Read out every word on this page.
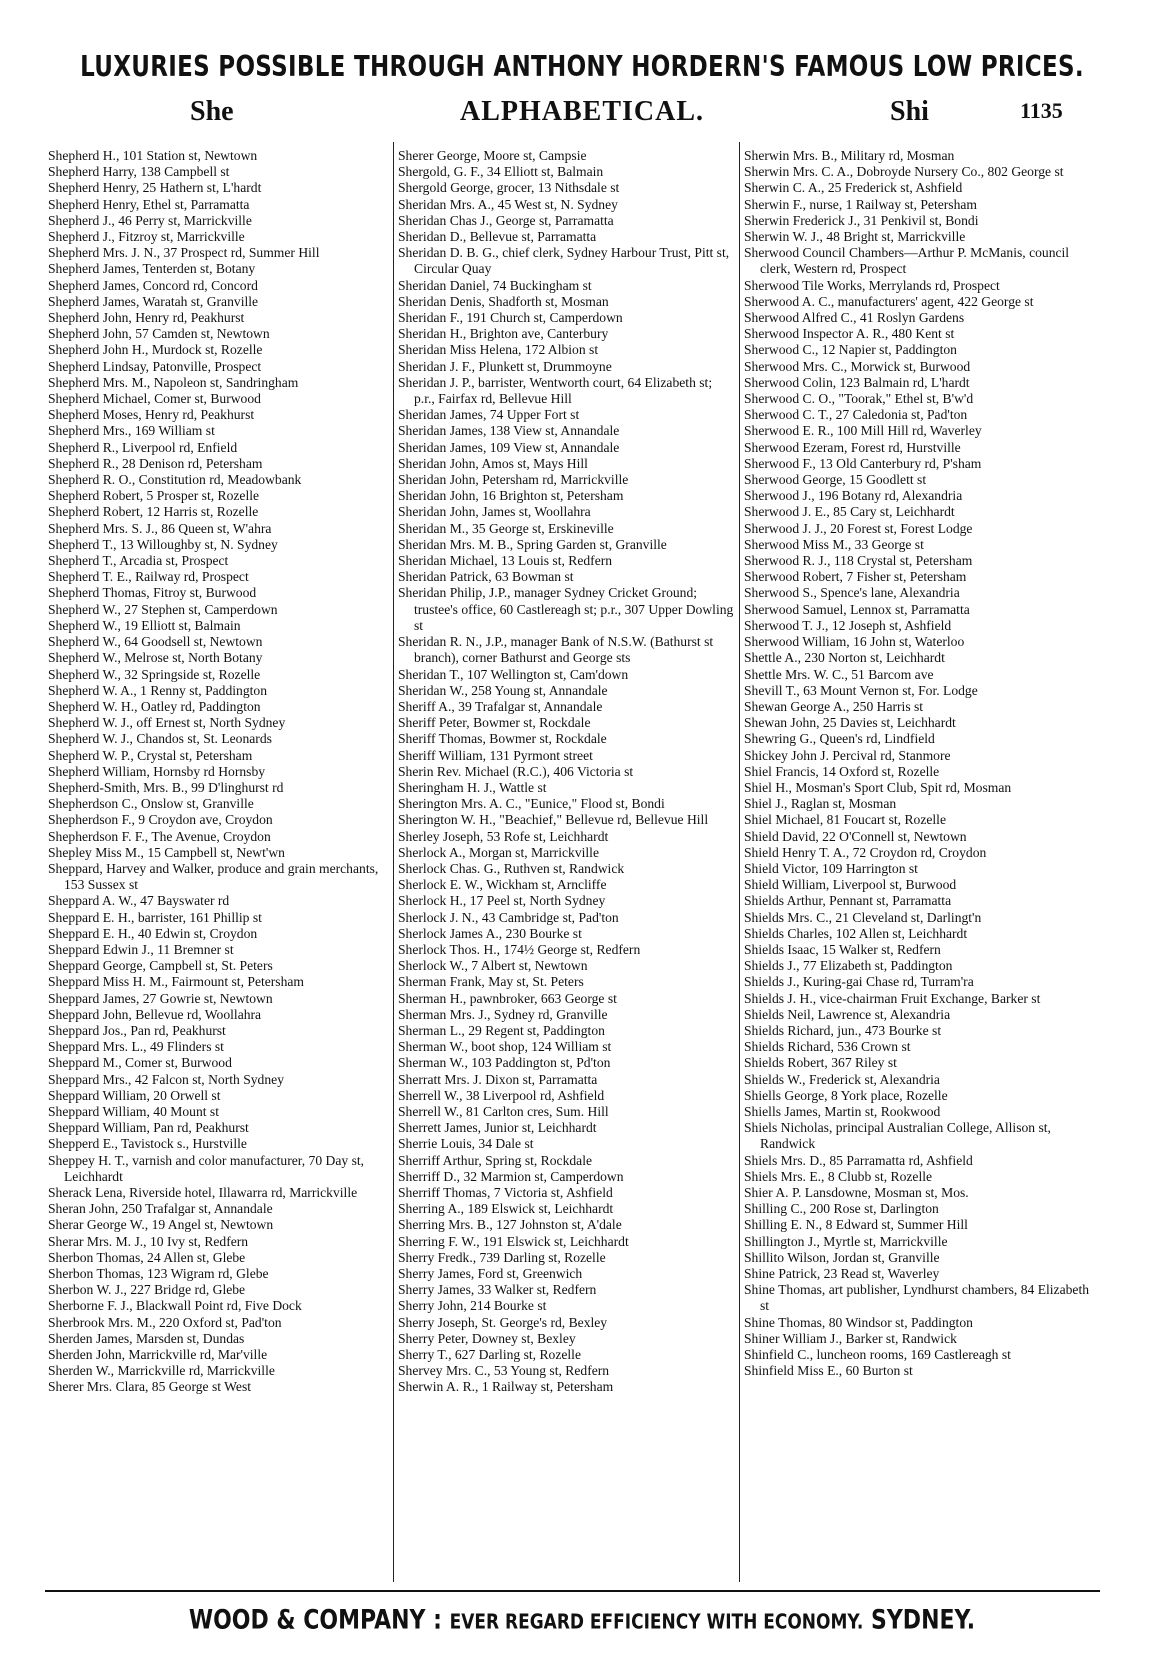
LUXURIES POSSIBLE THROUGH ANTHONY HORDERN'S FAMOUS LOW PRICES.
She	ALPHABETICAL.	Shi	1135
Shepherd H., 101 Station st, Newtown
Shepherd Harry, 138 Campbell st
Shepherd Henry, 25 Hathern st, L'hardt
Shepherd Henry, Ethel st, Parramatta
Shepherd J., 46 Perry st, Marrickville
Shepherd J., Fitzroy st, Marrickville
Shepherd Mrs. J. N., 37 Prospect rd, Summer Hill
Shepherd James, Tenterden st, Botany
Shepherd James, Concord rd, Concord
Shepherd James, Waratah st, Granville
Shepherd John, Henry rd, Peakhurst
Shepherd John, 57 Camden st, Newtown
Shepherd John H., Murdock st, Rozelle
Shepherd Lindsay, Patonville, Prospect
Shepherd Mrs. M., Napoleon st, Sandringham
Shepherd Michael, Comer st, Burwood
Shepherd Moses, Henry rd, Peakhurst
Shepherd Mrs., 169 William st
Shepherd R., Liverpool rd, Enfield
Shepherd R., 28 Denison rd, Petersham
Shepherd R. O., Constitution rd, Meadowbank
Shepherd Robert, 5 Prosper st, Rozelle
Shepherd Robert, 12 Harris st, Rozelle
Shepherd Mrs. S. J., 86 Queen st, W'ahra
Shepherd T., 13 Willoughby st, N. Sydney
Shepherd T., Arcadia st, Prospect
Shepherd T. E., Railway rd, Prospect
Shepherd Thomas, Fitroy st, Burwood
Shepherd W., 27 Stephen st, Camperdown
Shepherd W., 19 Elliott st, Balmain
Shepherd W., 64 Goodsell st, Newtown
Shepherd W., Melrose st, North Botany
Shepherd W., 32 Springside st, Rozelle
Shepherd W. A., 1 Renny st, Paddington
Shepherd W. H., Oatley rd, Paddington
Shepherd W. J., off Ernest st, North Sydney
Shepherd W. J., Chandos st, St. Leonards
Shepherd W. P., Crystal st, Petersham
Shepherd William, Hornsby rd Hornsby
Shepherd-Smith, Mrs. B., 99 D'linghurst rd
Shepherdson C., Onslow st, Granville
Shepherdson F., 9 Croydon ave, Croydon
Shepherdson F. F., The Avenue, Croydon
Shepley Miss M., 15 Campbell st, Newt'wn
Sheppard, Harvey and Walker, produce and grain merchants, 153 Sussex st
Sheppard A. W., 47 Bayswater rd
Sheppard E. H., barrister, 161 Phillip st
Sheppard E. H., 40 Edwin st, Croydon
Sheppard Edwin J., 11 Bremner st
Sheppard George, Campbell st, St. Peters
Sheppard Miss H. M., Fairmount st, Petersham
Sheppard James, 27 Gowrie st, Newtown
Sheppard John, Bellevue rd, Woollahra
Sheppard Jos., Pan rd, Peakhurst
Sheppard Mrs. L., 49 Flinders st
Sheppard M., Comer st, Burwood
Sheppard Mrs., 42 Falcon st, North Sydney
Sheppard William, 20 Orwell st
Sheppard William, 40 Mount st
Sheppard William, Pan rd, Peakhurst
Shepperd E., Tavistock s., Hurstville
Sheppey H. T., varnish and color manufacturer, 70 Day st, Leichhardt
Sherack Lena, Riverside hotel, Illawarra rd, Marrickville
Sheran John, 250 Trafalgar st, Annandale
Sherar George W., 19 Angel st, Newtown
Sherar Mrs. M. J., 10 Ivy st, Redfern
Sherbon Thomas, 24 Allen st, Glebe
Sherbon Thomas, 123 Wigram rd, Glebe
Sherbon W. J., 227 Bridge rd, Glebe
Sherborne F. J., Blackwall Point rd, Five Dock
Sherbrook Mrs. M., 220 Oxford st, Pad'ton
Sherden James, Marsden st, Dundas
Sherden John, Marrickville rd, Mar'ville
Sherden W., Marrickville rd, Marrickville
Sherer Mrs. Clara, 85 George st West
Sherer George, Moore st, Campsie
Shergold, G. F., 34 Elliott st, Balmain
Shergold George, grocer, 13 Nithsdale st
Sheridan Mrs. A., 45 West st, N. Sydney
Sheridan Chas J., George st, Parramatta
Sheridan D., Bellevue st, Parramatta
Sheridan D. B. G., chief clerk, Sydney Harbour Trust, Pitt st, Circular Quay
Sheridan Daniel, 74 Buckingham st
Sheridan Denis, Shadforth st, Mosman
Sheridan F., 191 Church st, Camperdown
Sheridan H., Brighton ave, Canterbury
Sheridan Miss Helena, 172 Albion st
Sheridan J. F., Plunkett st, Drummoyne
Sheridan J. P., barrister, Wentworth court, 64 Elizabeth st; p.r., Fairfax rd, Bellevue Hill
Sheridan James, 74 Upper Fort st
Sheridan James, 138 View st, Annandale
Sheridan James, 109 View st, Annandale
Sheridan John, Amos st, Mays Hill
Sheridan John, Petersham rd, Marrickville
Sheridan John, 16 Brighton st, Petersham
Sheridan John, James st, Woollahra
Sheridan M., 35 George st, Erskineville
Sheridan Mrs. M. B., Spring Garden st, Granville
Sheridan Michael, 13 Louis st, Redfern
Sheridan Patrick, 63 Bowman st
Sheridan Philip, J.P., manager Sydney Cricket Ground; trustee's office, 60 Castlereagh st; p.r., 307 Upper Dowling st
Sheridan R. N., J.P., manager Bank of N.S.W. (Bathurst st branch), corner Bathurst and George sts
Sheridan T., 107 Wellington st, Cam'down
Sheridan W., 258 Young st, Annandale
Sheriff A., 39 Trafalgar st, Annandale
Sheriff Peter, Bowmer st, Rockdale
Sheriff Thomas, Bowmer st, Rockdale
Sheriff William, 131 Pyrmont street
Sherin Rev. Michael (R.C.), 406 Victoria st
Sheringham H. J., Wattle st
Sherington Mrs. A. C., "Eunice," Flood st, Bondi
Sherington W. H., "Beachief," Bellevue rd, Bellevue Hill
Sherley Joseph, 53 Rofe st, Leichhardt
Sherlock A., Morgan st, Marrickville
Sherlock Chas. G., Ruthven st, Randwick
Sherlock E. W., Wickham st, Arncliffe
Sherlock H., 17 Peel st, North Sydney
Sherlock J. N., 43 Cambridge st, Pad'ton
Sherlock James A., 230 Bourke st
Sherlock Thos. H., 174½ George st, Redfern
Sherlock W., 7 Albert st, Newtown
Sherman Frank, May st, St. Peters
Sherman H., pawnbroker, 663 George st
Sherman Mrs. J., Sydney rd, Granville
Sherman L., 29 Regent st, Paddington
Sherman W., boot shop, 124 William st
Sherman W., 103 Paddington st, Pd'ton
Sherratt Mrs. J. Dixon st, Parramatta
Sherrell W., 38 Liverpool rd, Ashfield
Sherrell W., 81 Carlton cres, Sum. Hill
Sherrett James, Junior st, Leichhardt
Sherrie Louis, 34 Dale st
Sherriff Arthur, Spring st, Rockdale
Sherriff D., 32 Marmion st, Camperdown
Sherriff Thomas, 7 Victoria st, Ashfield
Sherring A., 189 Elswick st, Leichhardt
Sherring Mrs. B., 127 Johnston st, A'dale
Sherring F. W., 191 Elswick st, Leichhardt
Sherry Fredk., 739 Darling st, Rozelle
Sherry James, Ford st, Greenwich
Sherry James, 33 Walker st, Redfern
Sherry John, 214 Bourke st
Sherry Joseph, St. George's rd, Bexley
Sherry Peter, Downey st, Bexley
Sherry T., 627 Darling st, Rozelle
Shervey Mrs. C., 53 Young st, Redfern
Sherwin A. R., 1 Railway st, Petersham
Sherwin Mrs. B., Military rd, Mosman
Sherwin Mrs. C. A., Dobroyde Nursery Co., 802 George st
Sherwin C. A., 25 Frederick st, Ashfield
Sherwin F., nurse, 1 Railway st, Petersham
Sherwin Frederick J., 31 Penkivil st, Bondi
Sherwin W. J., 48 Bright st, Marrickville
Sherwood Council Chambers—Arthur P. McManis, council clerk, Western rd, Prospect
Sherwood Tile Works, Merrylands rd, Prospect
Sherwood A. C., manufacturers' agent, 422 George st
Sherwood Alfred C., 41 Roslyn Gardens
Sherwood Inspector A. R., 480 Kent st
Sherwood C., 12 Napier st, Paddington
Sherwood Mrs. C., Morwick st, Burwood
Sherwood Colin, 123 Balmain rd, L'hardt
Sherwood C. O., "Toorak," Ethel st, B'w'd
Sherwood C. T., 27 Caledonia st, Pad'ton
Sherwood E. R., 100 Mill Hill rd, Waverley
Sherwood Ezeram, Forest rd, Hurstville
Sherwood F., 13 Old Canterbury rd, P'sham
Sherwood George, 15 Goodlett st
Sherwood J., 196 Botany rd, Alexandria
Sherwood J. E., 85 Cary st, Leichhardt
Sherwood J. J., 20 Forest st, Forest Lodge
Sherwood Miss M., 33 George st
Sherwood R. J., 118 Crystal st, Petersham
Sherwood Robert, 7 Fisher st, Petersham
Sherwood S., Spence's lane, Alexandria
Sherwood Samuel, Lennox st, Parramatta
Sherwood T. J., 12 Joseph st, Ashfield
Sherwood William, 16 John st, Waterloo
Shettle A., 230 Norton st, Leichhardt
Shettle Mrs. W. C., 51 Barcom ave
Shevill T., 63 Mount Vernon st, For. Lodge
Shewan George A., 250 Harris st
Shewan John, 25 Davies st, Leichhardt
Shewring G., Queen's rd, Lindfield
Shickey John J. Percival rd, Stanmore
Shiel Francis, 14 Oxford st, Rozelle
Shiel H., Mosman's Sport Club, Spit rd, Mosman
Shiel J., Raglan st, Mosman
Shiel Michael, 81 Foucart st, Rozelle
Shield David, 22 O'Connell st, Newtown
Shield Henry T. A., 72 Croydon rd, Croydon
Shield Victor, 109 Harrington st
Shield William, Liverpool st, Burwood
Shields Arthur, Pennant st, Parramatta
Shields Mrs. C., 21 Cleveland st, Darlingt'n
Shields Charles, 102 Allen st, Leichhardt
Shields Isaac, 15 Walker st, Redfern
Shields J., 77 Elizabeth st, Paddington
Shields J., Kuring-gai Chase rd, Turram'ra
Shields J. H., vice-chairman Fruit Exchange, Barker st
Shields Neil, Lawrence st, Alexandria
Shields Richard, jun., 473 Bourke st
Shields Richard, 536 Crown st
Shields Robert, 367 Riley st
Shields W., Frederick st, Alexandria
Shiells George, 8 York place, Rozelle
Shiells James, Martin st, Rookwood
Shiels Nicholas, principal Australian College, Allison st, Randwick
Shiels Mrs. D., 85 Parramatta rd, Ashfield
Shiels Mrs. E., 8 Clubb st, Rozelle
Shier A. P. Lansdowne, Mosman st, Mos.
Shilling C., 200 Rose st, Darlington
Shilling E. N., 8 Edward st, Summer Hill
Shillington J., Myrtle st, Marrickville
Shillito Wilson, Jordan st, Granville
Shine Patrick, 23 Read st, Waverley
Shine Thomas, art publisher, Lyndhurst chambers, 84 Elizabeth st
Shine Thomas, 80 Windsor st, Paddington
Shiner William J., Barker st, Randwick
Shinfield C., luncheon rooms, 169 Castlereagh st
Shinfield Miss E., 60 Burton st
WOOD & COMPANY : EVER REGARD EFFICIENCY WITH ECONOMY. SYDNEY.
